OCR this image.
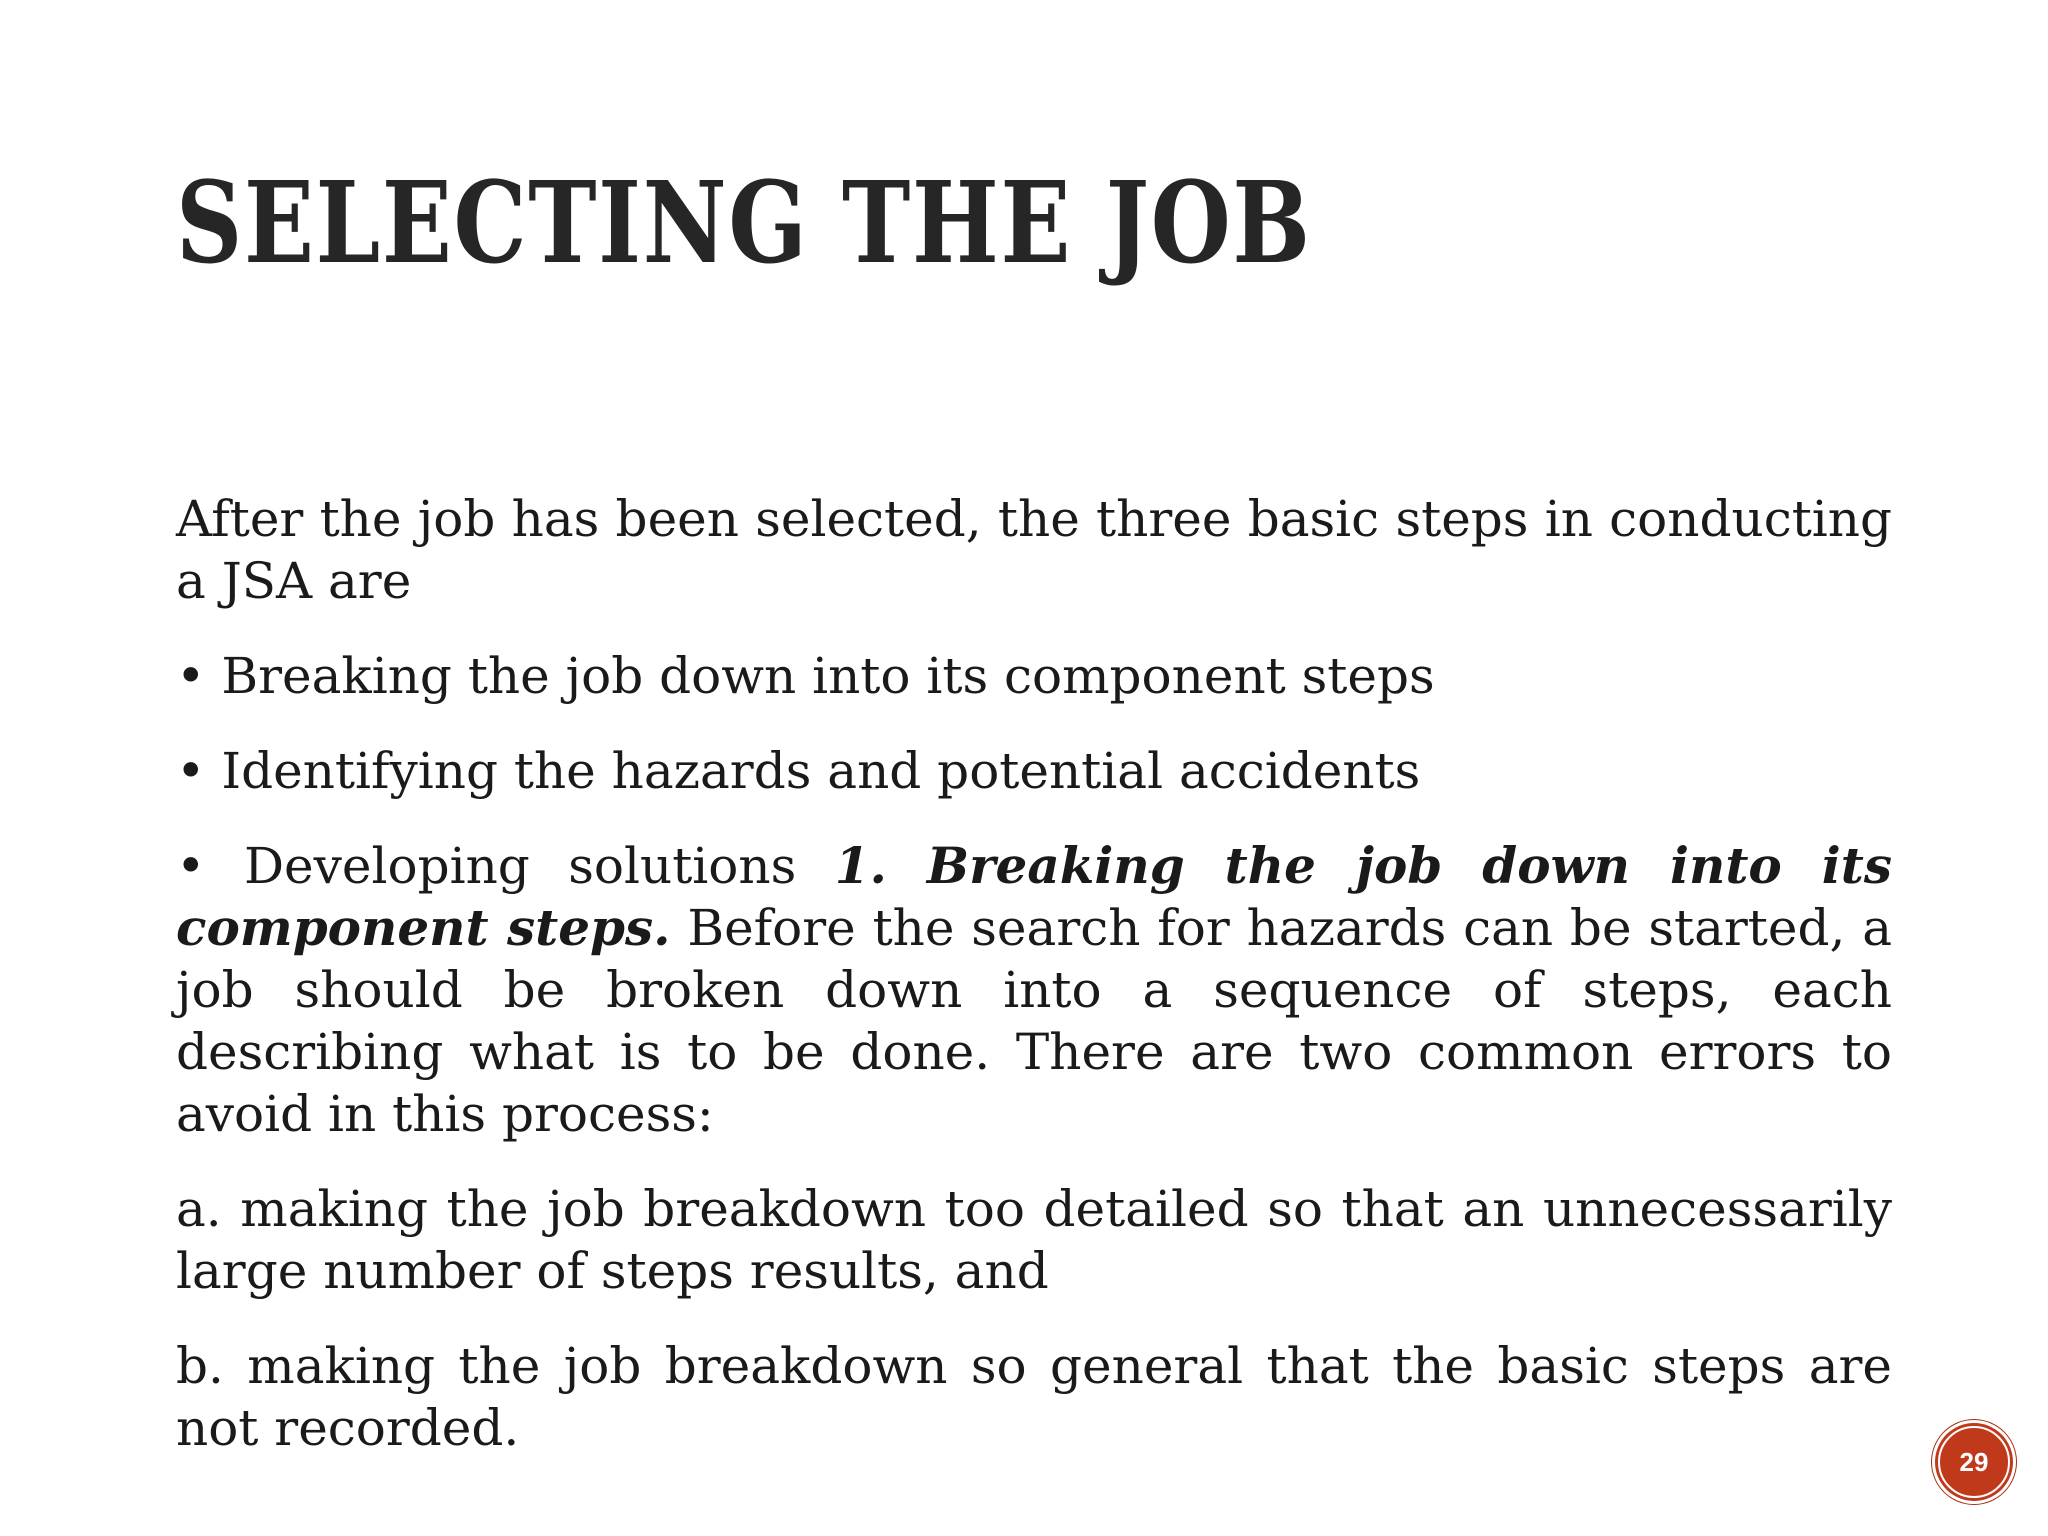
SELECTING THE JOB

After the job has been selected, the three basic steps in conducting a JSA are

• Breaking the job down into its component steps

• Identifying the hazards and potential accidents

• Developing solutions 1. Breaking the job down into its component steps. Before the search for hazards can be started, a job should be broken down into a sequence of steps, each describing what is to be done. There are two common errors to avoid in this process:

a. making the job breakdown too detailed so that an unnecessarily large number of steps results, and

b. making the job breakdown so general that the basic steps are not recorded.

29
